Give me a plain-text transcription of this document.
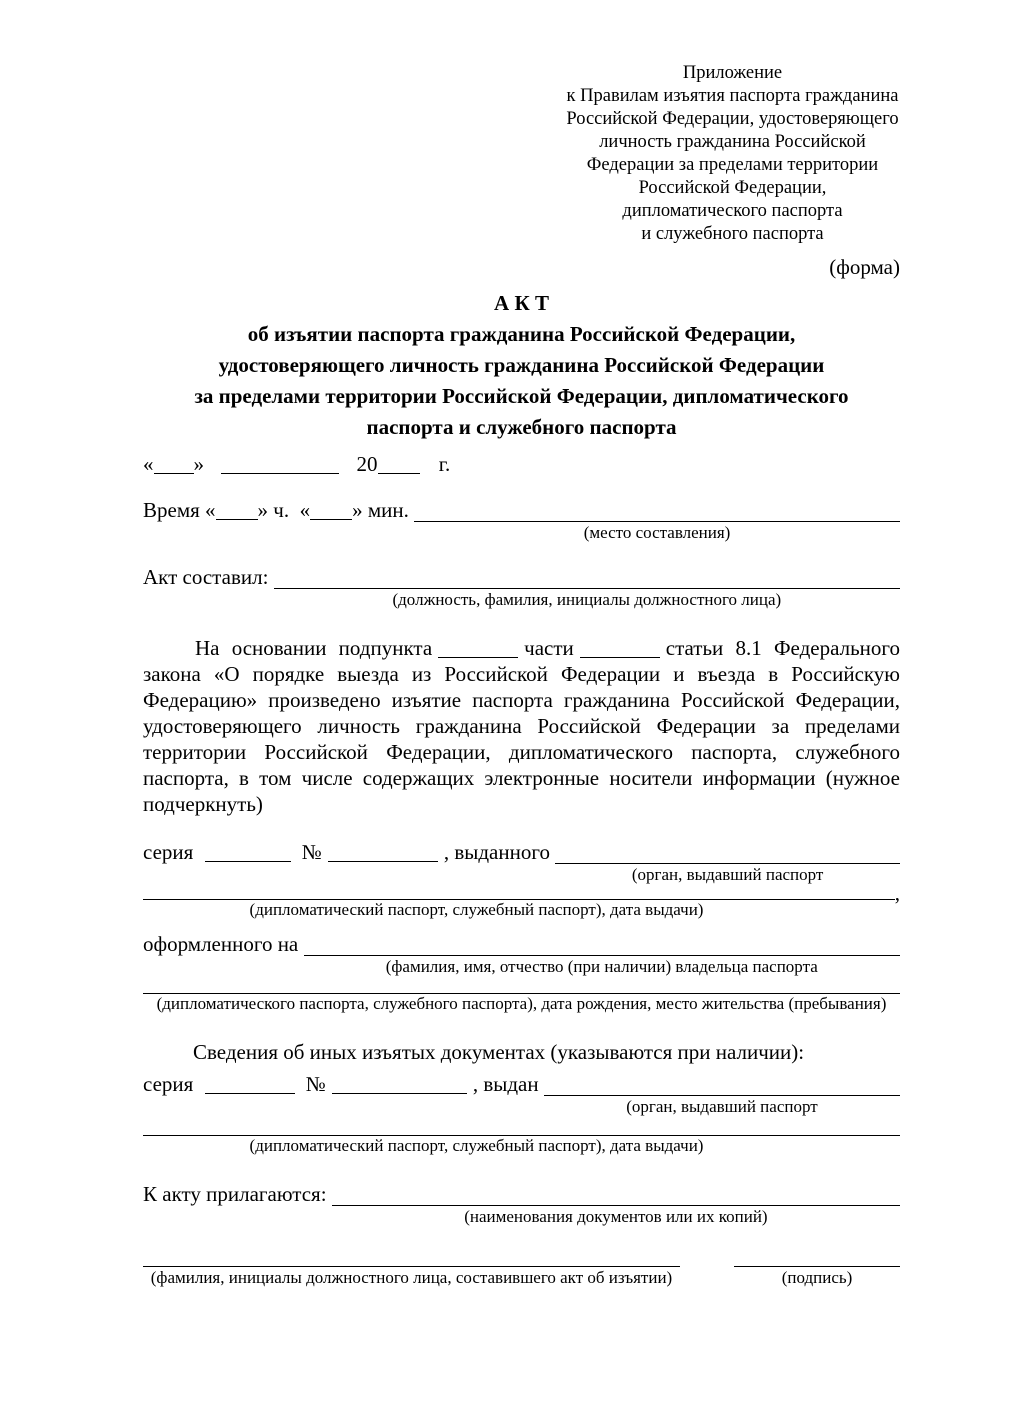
Приложение
к Правилам изъятия паспорта гражданина
Российской Федерации, удостоверяющего
личность гражданина Российской
Федерации за пределами территории
Российской Федерации,
дипломатического паспорта
и служебного паспорта
(форма)
А К Т
об изъятии паспорта гражданина Российской Федерации,
удостоверяющего личность гражданина Российской Федерации
за пределами территории Российской Федерации, дипломатического
паспорта и служебного паспорта
« »	20	г.
Время « » ч. « » мин.
(место составления)
Акт составил:
(должность, фамилия, инициалы должностного лица)

На основании подпункта	части	статьи 8.1 Федерального закона «О порядке выезда из Российской Федерации и въезда в Российскую Федерацию» произведено изъятие паспорта гражданина Российской Федерации, удостоверяющего личность гражданина Российской Федерации за пределами территории Российской Федерации, дипломатического паспорта, служебного паспорта, в том числе содержащих электронные носители информации (нужное подчеркнуть)

серия	№	, выданного
(орган, выдавший паспорт
,
(дипломатический паспорт, служебный паспорт), дата выдачи)
оформленного на
(фамилия, имя, отчество (при наличии) владельца паспорта
(дипломатического паспорта, служебного паспорта), дата рождения, место жительства (пребывания)
Сведения об иных изъятых документах (указываются при наличии):
серия	№	, выдан
(орган, выдавший паспорт
(дипломатический паспорт, служебный паспорт), дата выдачи)
К акту прилагаются:
(наименования документов или их копий)
(фамилия, инициалы должностного лица, составившего акт об изъятии)	(подпись)
